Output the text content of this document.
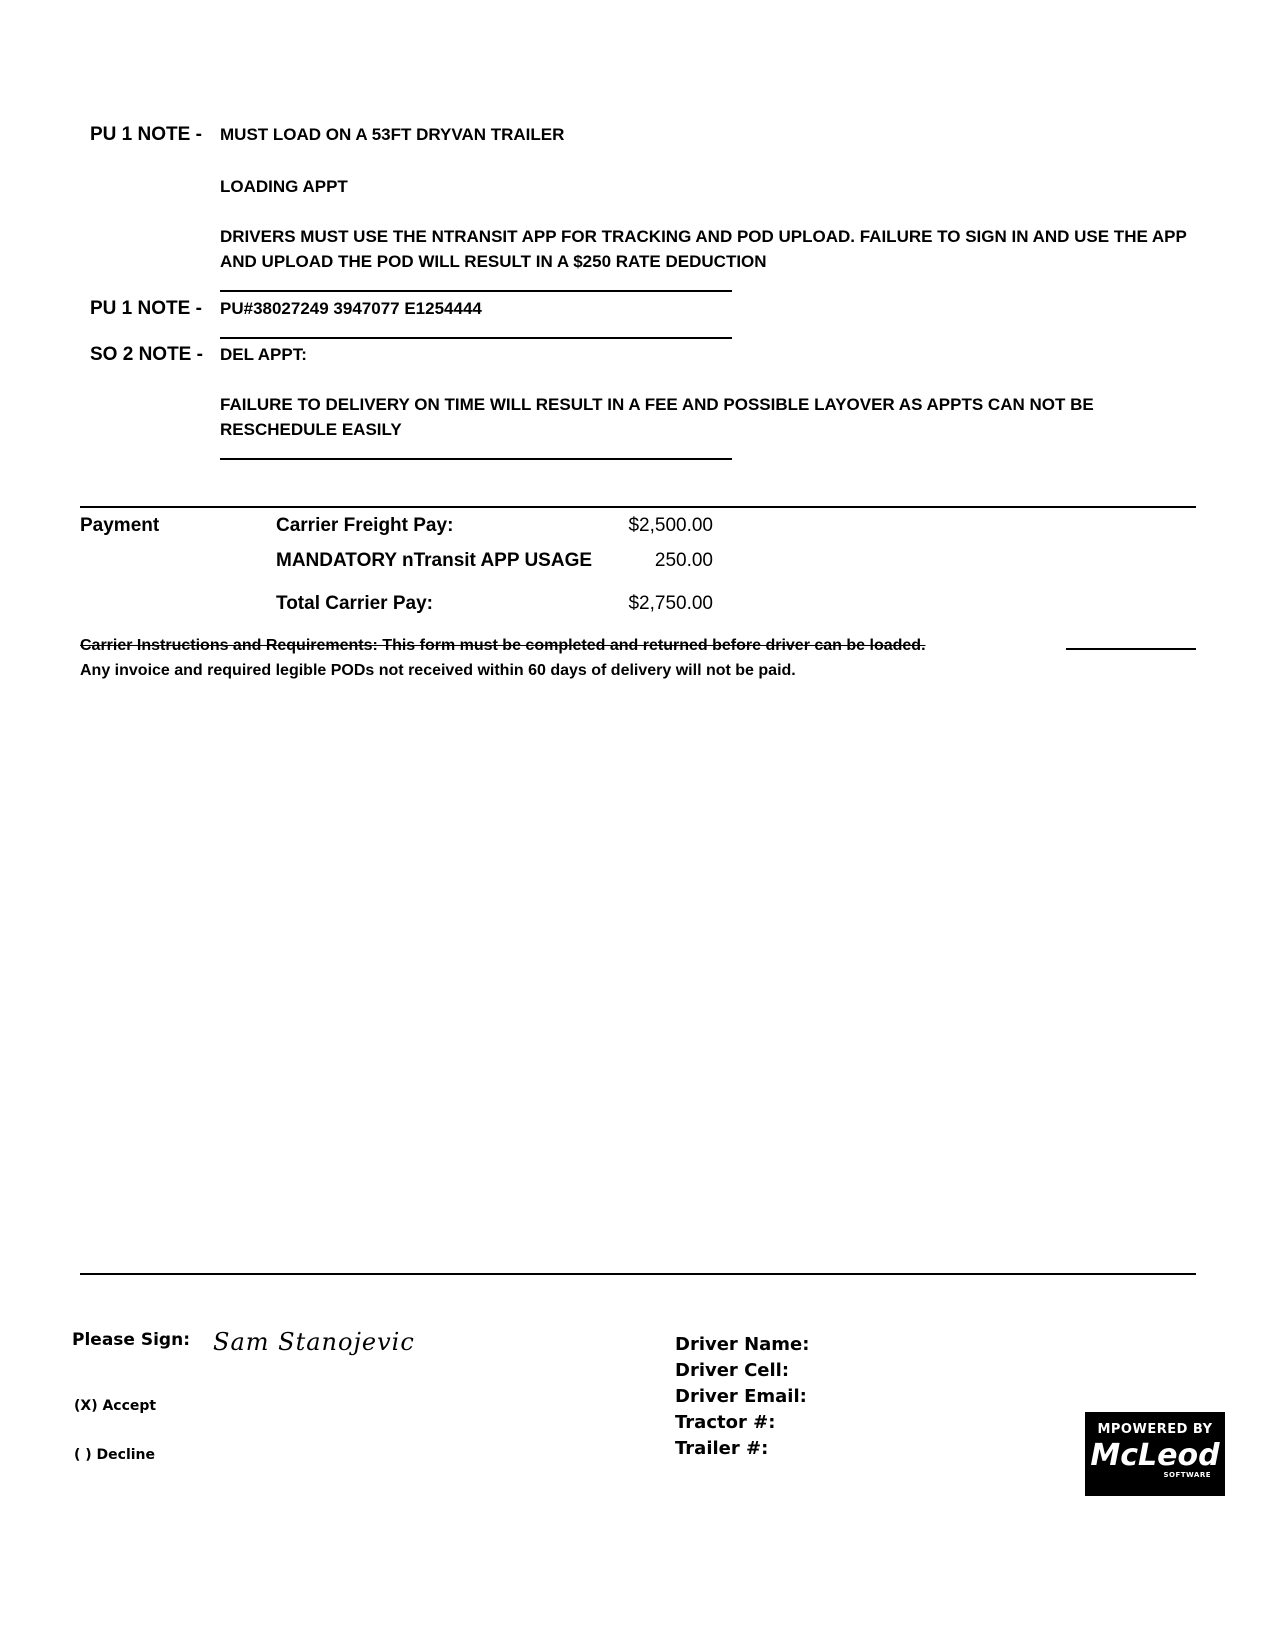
PU 1 NOTE - MUST LOAD ON A 53FT DRYVAN TRAILER
LOADING APPT
DRIVERS MUST USE THE NTRANSIT APP FOR TRACKING AND POD UPLOAD. FAILURE TO SIGN IN AND USE THE APP
AND UPLOAD THE POD WILL RESULT IN A $250 RATE DEDUCTION
PU 1 NOTE - PU#38027249 3947077 E1254444
SO 2 NOTE - DEL APPT:
FAILURE TO DELIVERY ON TIME WILL RESULT IN A FEE AND POSSIBLE LAYOVER AS APPTS CAN NOT BE
RESCHEDULE EASILY
Payment	Carrier Freight Pay:	$2,500.00
MANDATORY nTransit APP USAGE	250.00
Total Carrier Pay:	$2,750.00
Carrier Instructions and Requirements: This form must be completed and returned before driver can be loaded.
Any invoice and required legible PODs not received within 60 days of delivery will not be paid.
Please Sign: Sam Stanojevic
(X) Accept
( ) Decline
Driver Name:
Driver Cell:
Driver Email:
Tractor #:
Trailer #:
MPOWERED BY
McLeod
SOFTWARE
